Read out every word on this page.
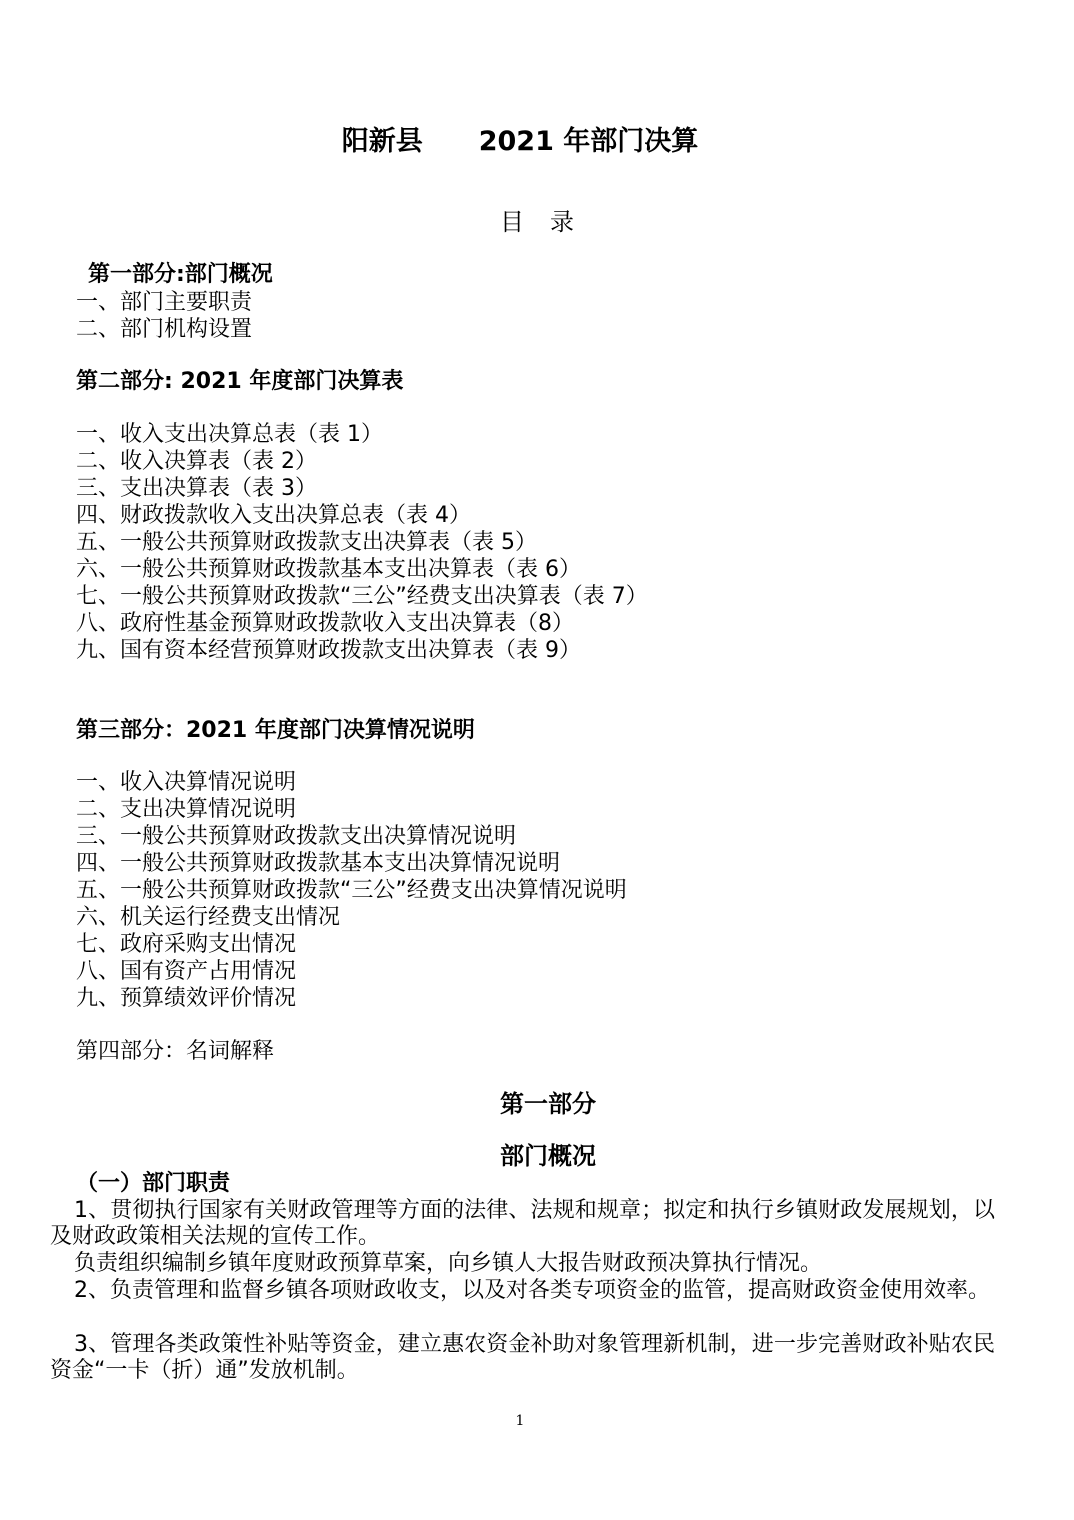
阳新县 2021 年部门决算
目录
第一部分:部门概况
一、部门主要职责
二、部门机构设置
第二部分: 2021 年度部门决算表
一、收入支出决算总表（表 1）
二、收入决算表（表 2）
三、支出决算表（表 3）
四、财政拨款收入支出决算总表（表 4）
五、一般公共预算财政拨款支出决算表（表 5）
六、一般公共预算财政拨款基本支出决算表（表 6）
七、一般公共预算财政拨款“三公”经费支出决算表（表 7）
八、政府性基金预算财政拨款收入支出决算表（8）
九、国有资本经营预算财政拨款支出决算表（表 9）
第三部分：2021 年度部门决算情况说明
一、收入决算情况说明
二、支出决算情况说明
三、一般公共预算财政拨款支出决算情况说明
四、一般公共预算财政拨款基本支出决算情况说明
五、一般公共预算财政拨款“三公”经费支出决算情况说明
六、机关运行经费支出情况
七、政府采购支出情况
八、国有资产占用情况
九、预算绩效评价情况
第四部分：名词解释
第一部分
部门概况
（一）部门职责
1、贯彻执行国家有关财政管理等方面的法律、法规和规章；拟定和执行乡镇财政发展规划，以及财政政策相关法规的宣传工作。
负责组织编制乡镇年度财政预算草案，向乡镇人大报告财政预决算执行情况。
2、负责管理和监督乡镇各项财政收支，以及对各类专项资金的监管，提高财政资金使用效率。
3、管理各类政策性补贴等资金，建立惠农资金补助对象管理新机制，进一步完善财政补贴农民资金“一卡（折）通”发放机制。
1
